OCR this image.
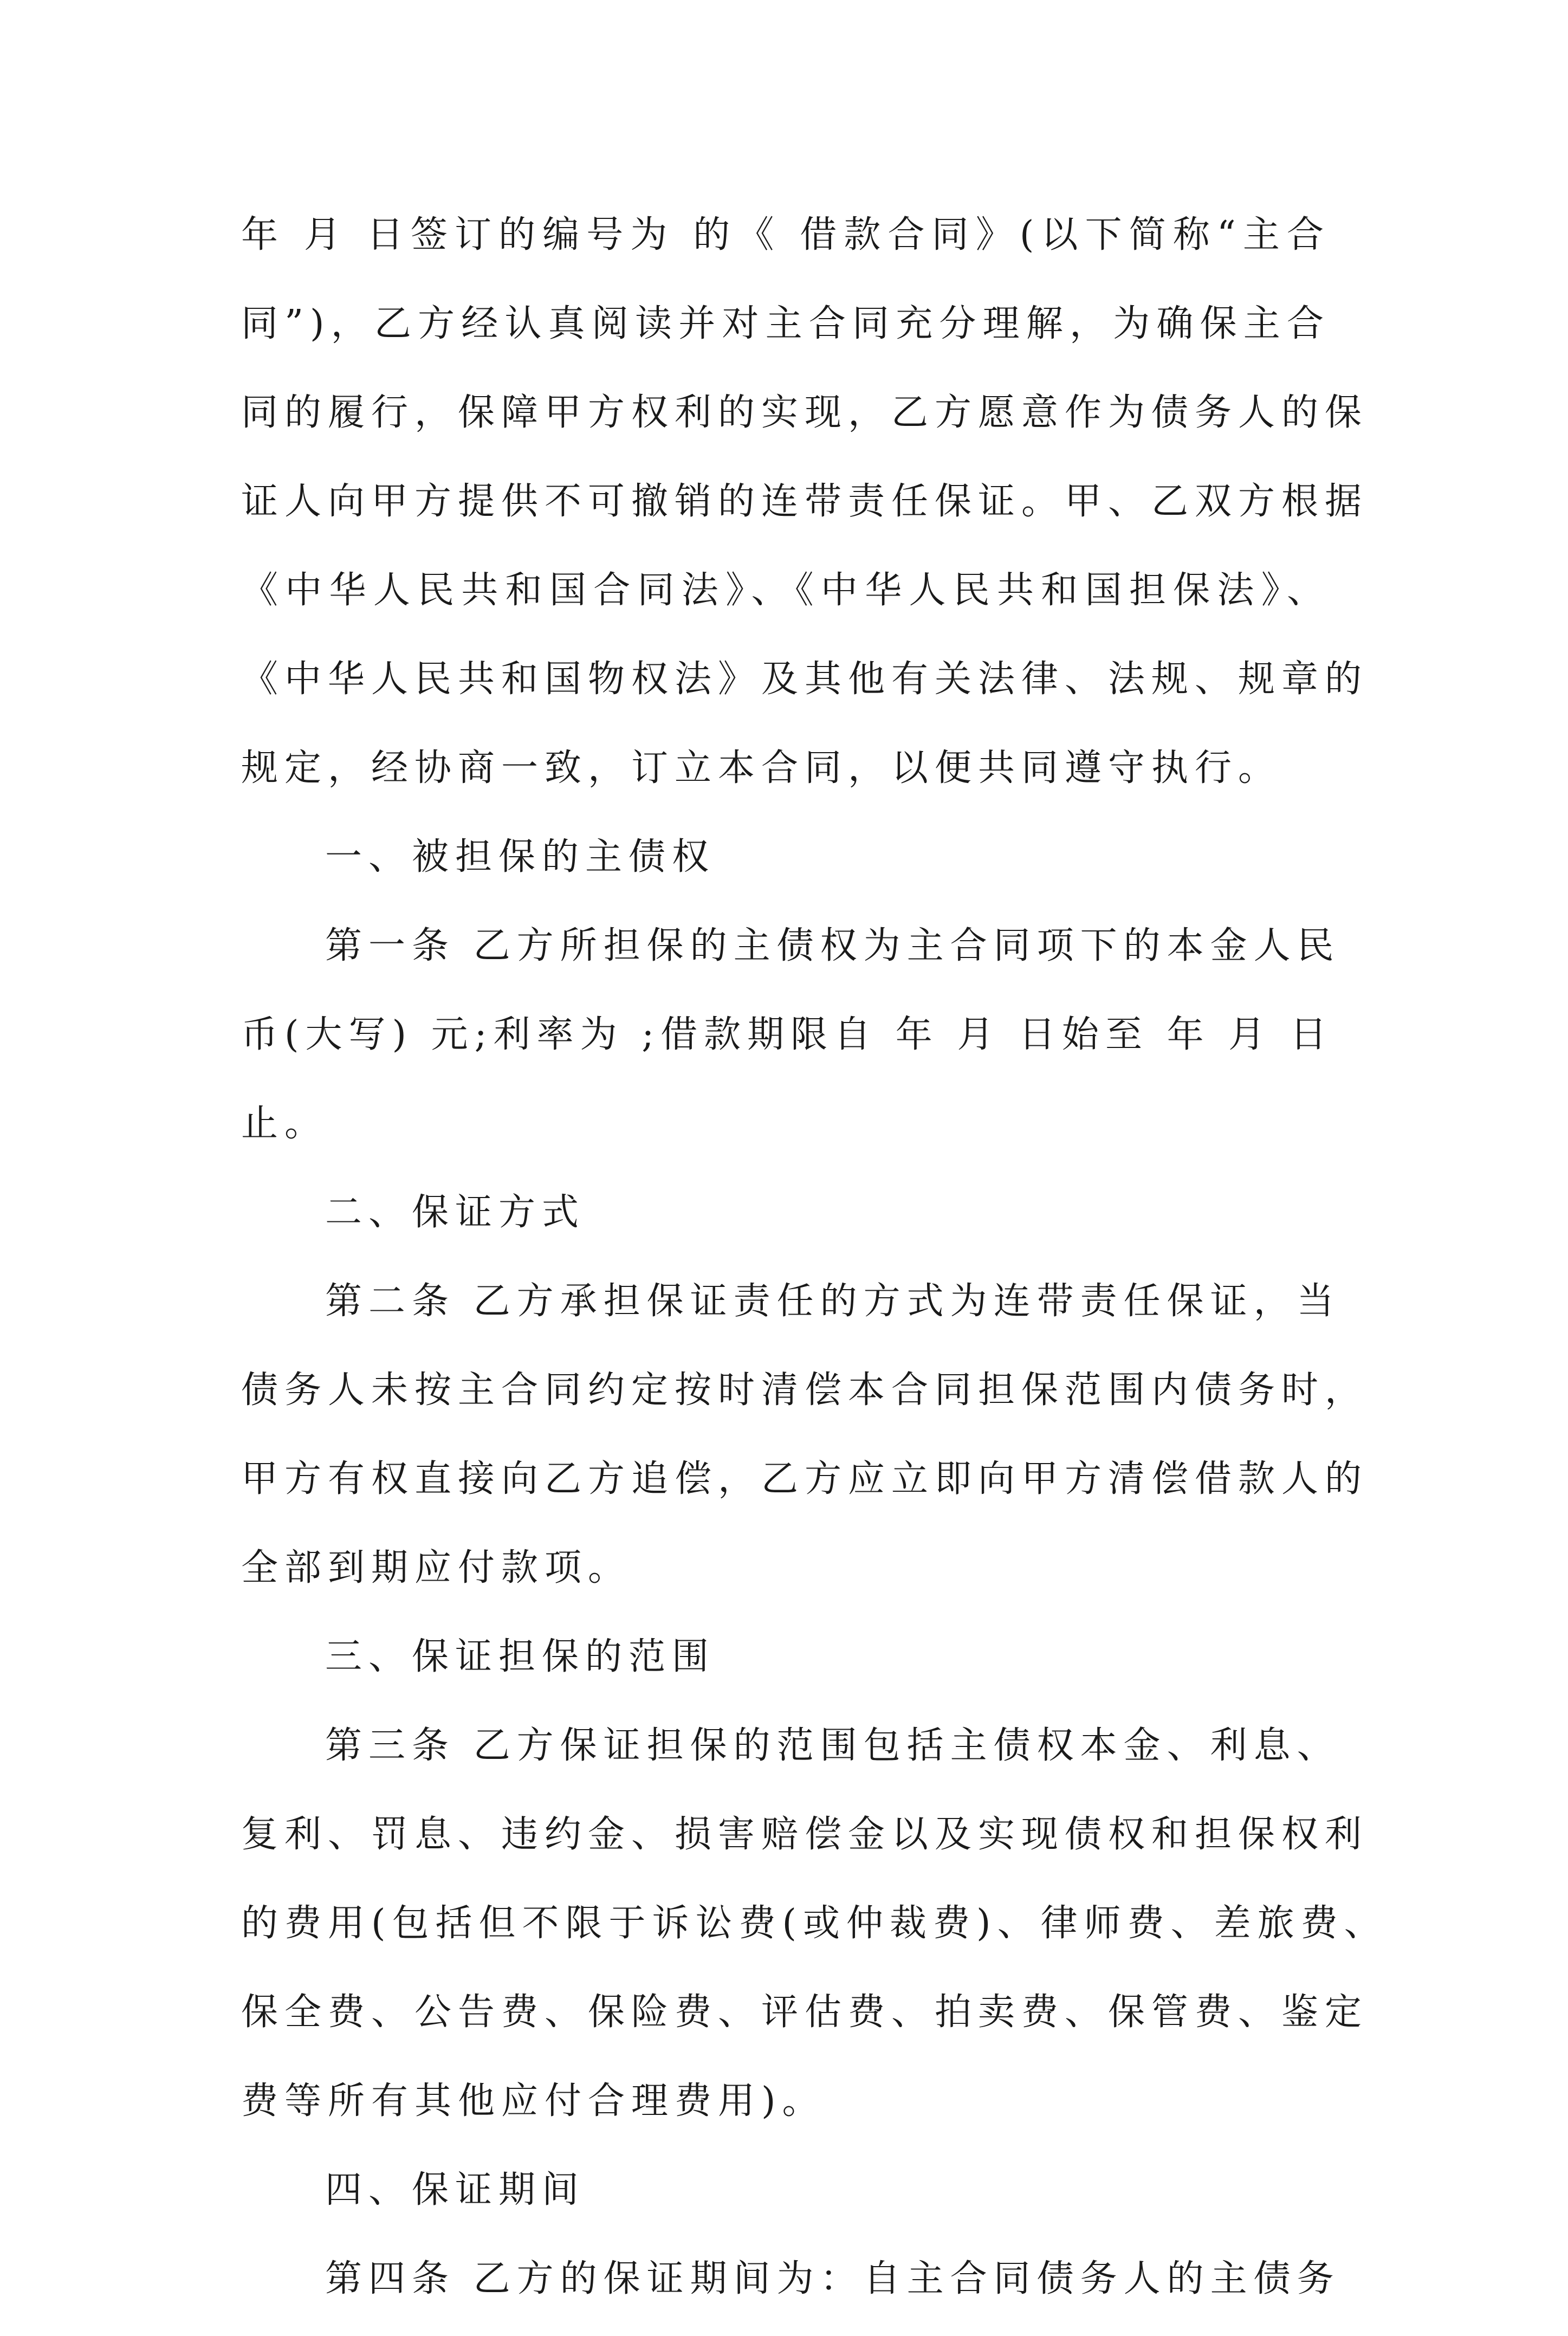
年 月 日签订的编号为 的《 借款合同》(以下简称“主合
同”)，乙方经认真阅读并对主合同充分理解，为确保主合
同的履行，保障甲方权利的实现，乙方愿意作为债务人的保
证人向甲方提供不可撤销的连带责任保证。甲、乙双方根据
《中华人民共和国合同法》、《中华人民共和国担保法》、
《中华人民共和国物权法》及其他有关法律、法规、规章的
规定，经协商一致，订立本合同，以便共同遵守执行。
一、被担保的主债权
第一条 乙方所担保的主债权为主合同项下的本金人民
币(大写) 元;利率为 ;借款期限自 年 月 日始至 年 月 日
止。
二、保证方式
第二条 乙方承担保证责任的方式为连带责任保证，当
债务人未按主合同约定按时清偿本合同担保范围内债务时，
甲方有权直接向乙方追偿，乙方应立即向甲方清偿借款人的
全部到期应付款项。
三、保证担保的范围
第三条 乙方保证担保的范围包括主债权本金、利息、
复利、罚息、违约金、损害赔偿金以及实现债权和担保权利
的费用(包括但不限于诉讼费(或仲裁费)、律师费、差旅费、
保全费、公告费、保险费、评估费、拍卖费、保管费、鉴定
费等所有其他应付合理费用)。
四、保证期间
第四条 乙方的保证期间为：自主合同债务人的主债务
